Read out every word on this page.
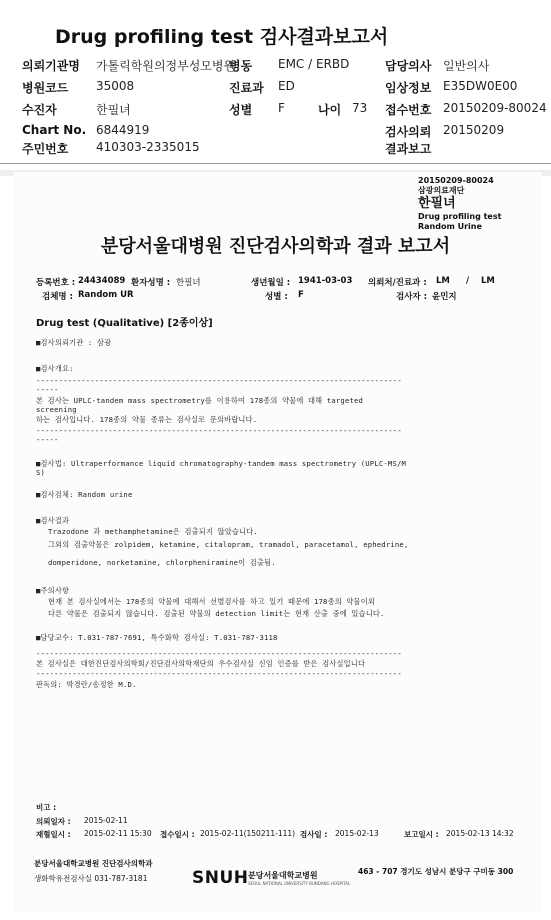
Drug profiling test 검사결과보고서
의뢰기관명 가톨릭학원의정부성모병원
병동 EMC / ERBD	담당의사 일반의사
병원코드 35008	진료과 ED	임상정보 E35DW0E00
수진자	한필녀	성별 F	나이 73 접수번호 20150209-80024
Chart No. 6844919	검사의뢰 20150209
주민번호 410303-2335015	결과보고
20150209-80024
삼광의료재단
한필녀
Drug profiling test
Random Urine
분당서울대병원 진단검사의학과 결과 보고서
등록번호 : 24434089 환자성명 : 한필녀	생년월일 : 1941-03-03 의뢰처/진료과 : LM / LM
검체명 : Random UR	성별 : F	검사자 : 윤민지
Drug test (Qualitative) [2종이상]
■검사의뢰기관 : 삼광
■검사개요:
---------------------------------------------------------------------------------
-----
본 검사는 UPLC-tandem mass spectrometry를 이용하여 178종의 약물에 대해 targeted
screening
하는 검사입니다. 178종의 약물 종류는 검사실로 문의바랍니다.
---------------------------------------------------------------------------------
-----
■검사법: Ultraperformance liquid chromatography-tandem mass spectrometry (UPLC-MS/M
S)
■검사검체: Random urine
■검사결과
Trazodone 과 methamphetamine은 검출되지 않았습니다.
그외의 검출약물은 zolpidem, ketamine, citalopram, tramadol, paracetamol, ephedrine,
domperidone, norketamine, chlorpheniramine이 검출됨.
■주의사항
현재 본 검사실에서는 178종의 약물에 대해서 선별검사를 하고 있기 때문에 178종의 약물이외
다른 약물은 검출되지 않습니다. 검출된 약물의 detection limit는 현재 산출 중에 있습니다.
■담당교수: T.031-787-7691, 특수화학 검사실: T.031-787-3118
---------------------------------------------------------------------------------
본 검사실은 대한진단검사의학회/진단검사의학재단의 우수검사실 신임 인증를 받은 검사실입니다
---------------------------------------------------------------------------------
판독의: 박경란/송정한 M.D.
비고 :
의뢰일자 : 2015-02-11
재혈일시 : 2015-02-11 15:30 접수일시 : 2015-02-11(150211-111) 검사일 : 2015-02-13	보고일시 : 2015-02-13 14:32
분당서울대학교병원 진단검사의학과
생화학유전검사실 031-787-3181	SNUH 분당서울대학교병원
SEOUL NATIONAL UNIVERSITY BUNDANG HOSPITAL
463 - 707 경기도 성남시 분당구 구미동 300
